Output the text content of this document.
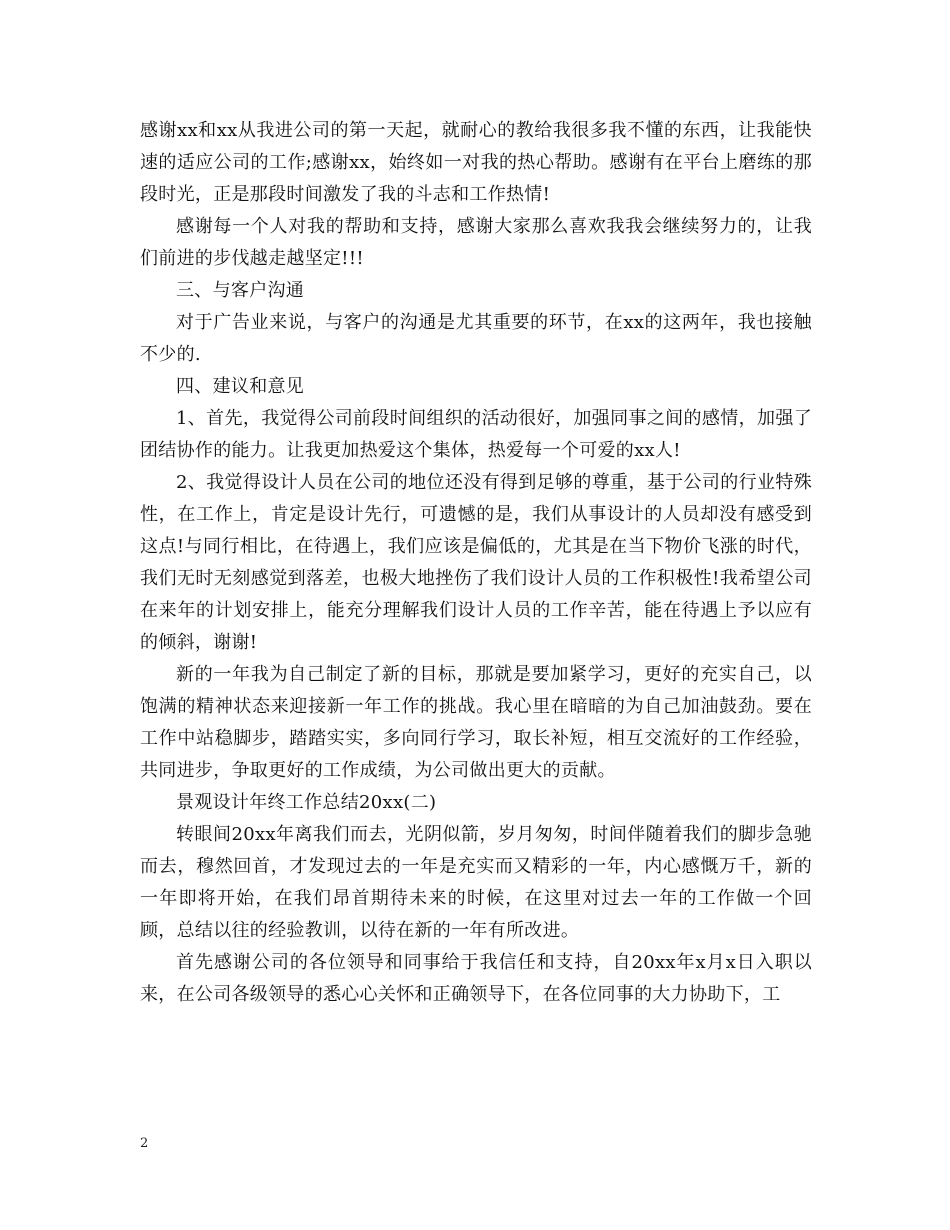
感谢xx和xx从我进公司的第一天起，就耐心的教给我很多我不懂的东西，让我能快速的适应公司的工作;感谢xx，始终如一对我的热心帮助。感谢有在平台上磨练的那段时光，正是那段时间激发了我的斗志和工作热情!

感谢每一个人对我的帮助和支持，感谢大家那么喜欢我我会继续努力的，让我们前进的步伐越走越坚定!!!

三、与客户沟通

对于广告业来说，与客户的沟通是尤其重要的环节，在xx的这两年，我也接触不少的.

四、建议和意见

1、首先，我觉得公司前段时间组织的活动很好，加强同事之间的感情，加强了团结协作的能力。让我更加热爱这个集体，热爱每一个可爱的xx人!

2、我觉得设计人员在公司的地位还没有得到足够的尊重，基于公司的行业特殊性，在工作上，肯定是设计先行，可遗憾的是，我们从事设计的人员却没有感受到这点!与同行相比，在待遇上，我们应该是偏低的，尤其是在当下物价飞涨的时代，我们无时无刻感觉到落差，也极大地挫伤了我们设计人员的工作积极性!我希望公司在来年的计划安排上，能充分理解我们设计人员的工作辛苦，能在待遇上予以应有的倾斜，谢谢!

新的一年我为自己制定了新的目标，那就是要加紧学习，更好的充实自己，以饱满的精神状态来迎接新一年工作的挑战。我心里在暗暗的为自己加油鼓劲。要在工作中站稳脚步，踏踏实实，多向同行学习，取长补短，相互交流好的工作经验，共同进步，争取更好的工作成绩，为公司做出更大的贡献。

景观设计年终工作总结20xx(二)

转眼间20xx年离我们而去，光阴似箭，岁月匆匆，时间伴随着我们的脚步急驰而去，穆然回首，才发现过去的一年是充实而又精彩的一年，内心感慨万千，新的一年即将开始，在我们昂首期待未来的时候，在这里对过去一年的工作做一个回顾，总结以往的经验教训，以待在新的一年有所改进。

首先感谢公司的各位领导和同事给于我信任和支持，自20xx年x月x日入职以来，在公司各级领导的悉心心关怀和正确领导下，在各位同事的大力协助下，工

2
